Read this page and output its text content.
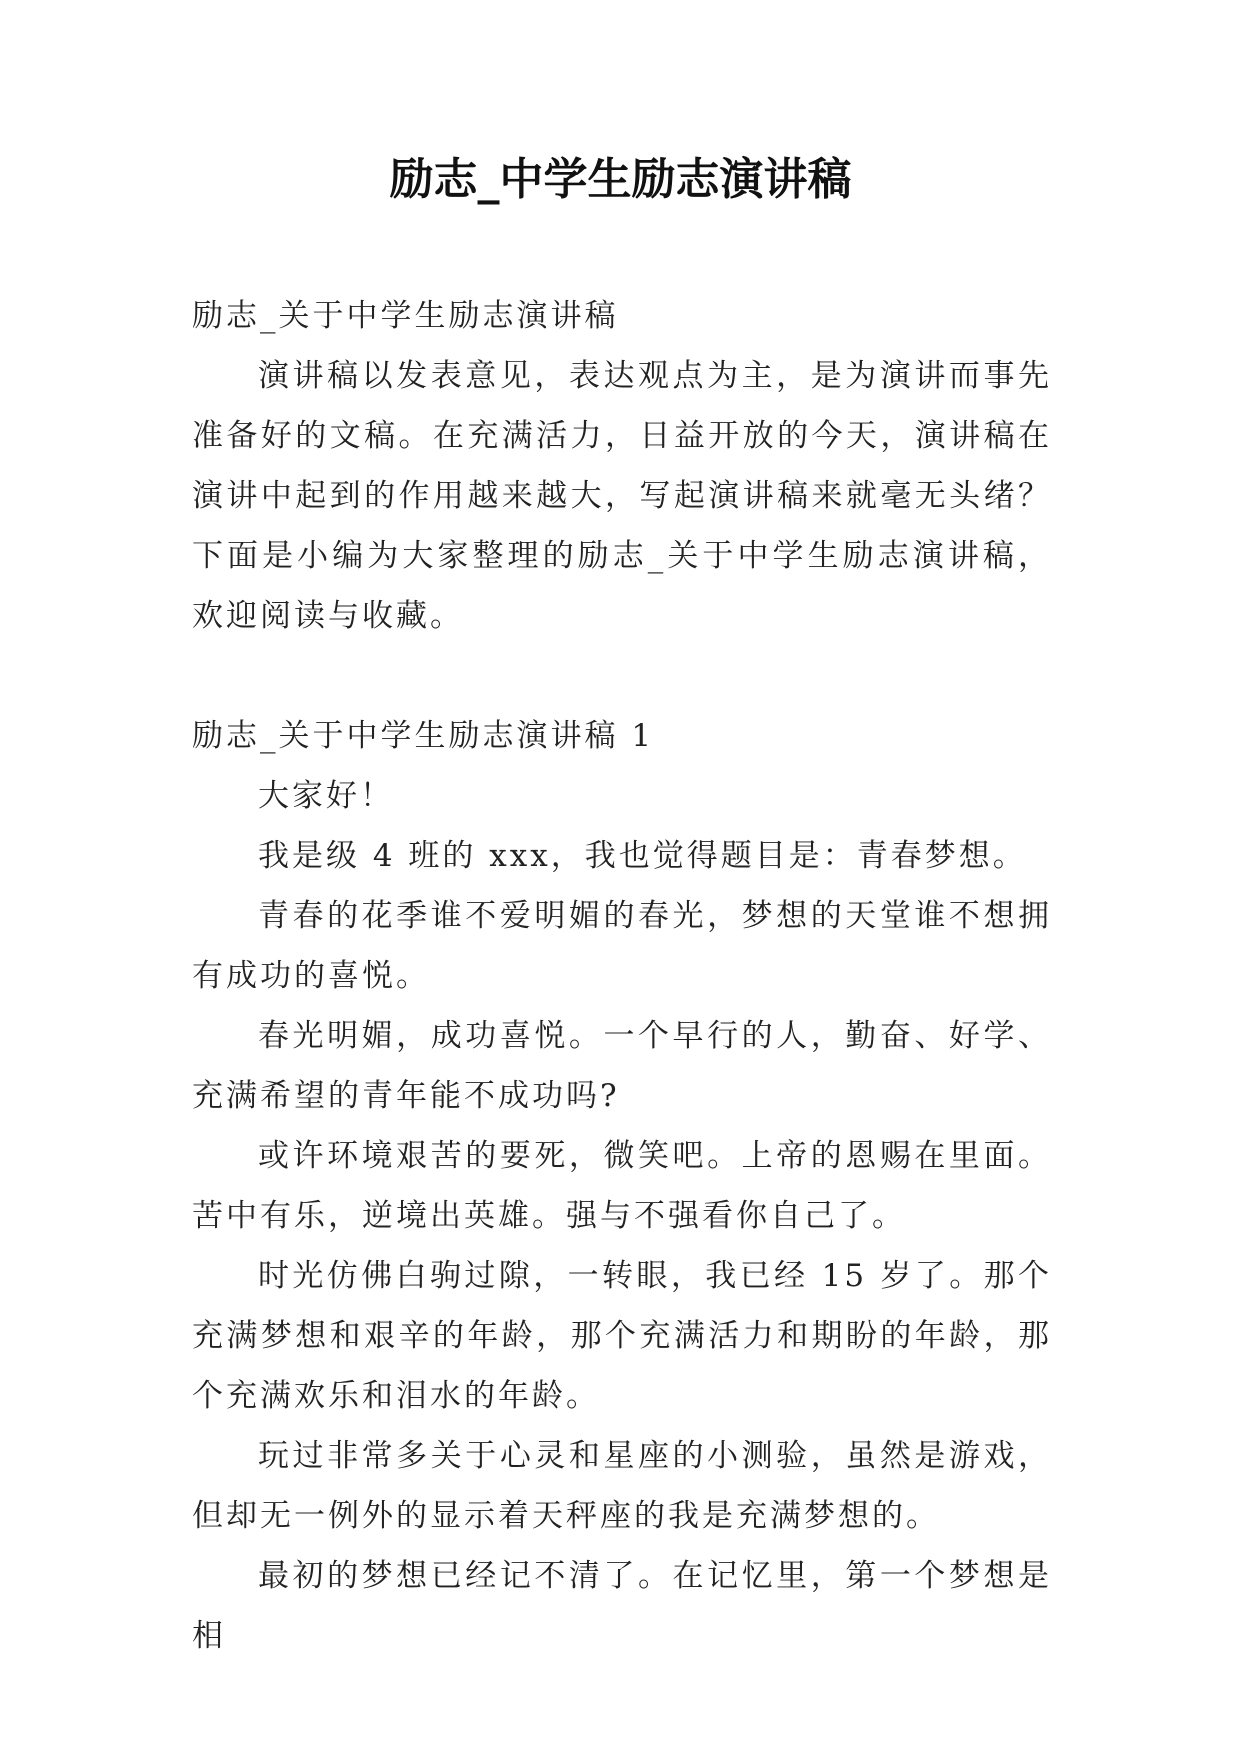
励志_中学生励志演讲稿

励志_关于中学生励志演讲稿

演讲稿以发表意见，表达观点为主，是为演讲而事先准备好的文稿。在充满活力，日益开放的今天，演讲稿在演讲中起到的作用越来越大，写起演讲稿来就毫无头绪？下面是小编为大家整理的励志_关于中学生励志演讲稿，欢迎阅读与收藏。

励志_关于中学生励志演讲稿 1

大家好！

我是级 4 班的 xxx，我也觉得题目是：青春梦想。

青春的花季谁不爱明媚的春光，梦想的天堂谁不想拥有成功的喜悦。

春光明媚，成功喜悦。一个早行的人，勤奋、好学、充满希望的青年能不成功吗?

或许环境艰苦的要死，微笑吧。上帝的恩赐在里面。苦中有乐，逆境出英雄。强与不强看你自己了。

时光仿佛白驹过隙，一转眼，我已经 15 岁了。那个充满梦想和艰辛的年龄，那个充满活力和期盼的年龄，那个充满欢乐和泪水的年龄。

玩过非常多关于心灵和星座的小测验，虽然是游戏，但却无一例外的显示着天秤座的我是充满梦想的。

最初的梦想已经记不清了。在记忆里，第一个梦想是相
